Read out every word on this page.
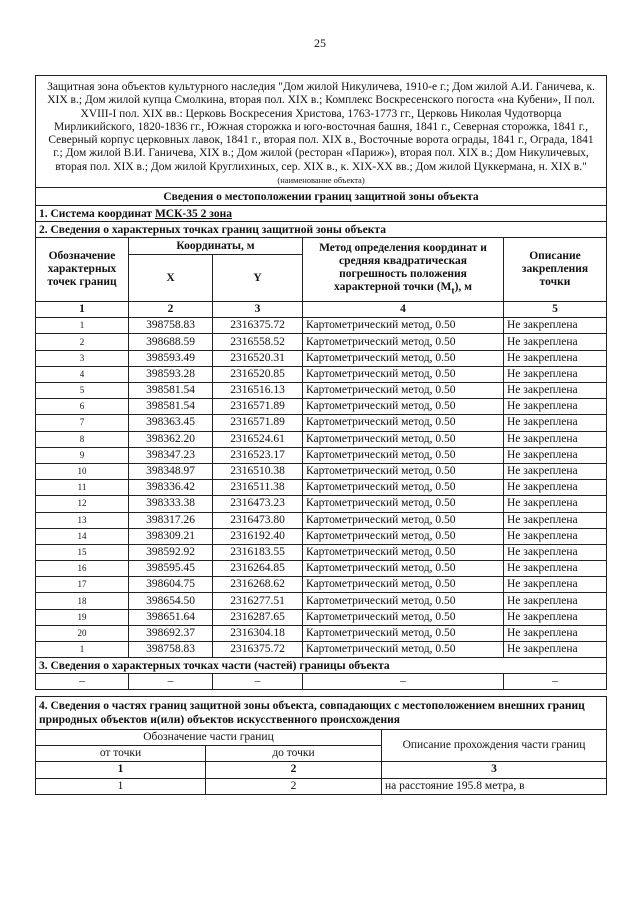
25
Защитная зона объектов культурного наследия "Дом жилой Никуличева, 1910-е г.; Дом жилой А.И. Ганичева, к. XIX в.; Дом жилой купца Смолкина, вторая пол. XIX в.; Комплекс Воскресенского погоста «на Кубени», II пол. XVIII-I пол. XIX вв.: Церковь Воскресения Христова, 1763-1773 гг., Церковь Николая Чудотворца Мирликийского, 1820-1836 гг., Южная сторожка и юго-восточная башня, 1841 г., Северная сторожка, 1841 г., Северный корпус церковных лавок, 1841 г., вторая пол. XIX в., Восточные ворота ограды, 1841 г., Ограда, 1841 г.; Дом жилой В.И. Ганичева, XIX в.; Дом жилой (ресторан «Париж»), вторая пол. XIX в.; Дом Никуличевых, вторая пол. XIX в.; Дом жилой Круглихиных, сер. XIX в., к. XIX-XX вв.; Дом жилой Цуккермана, н. XIX в."
(наименование объекта)				

Сведения о местоположении границ защитной зоны объекта				
1. Система координат МСК-35 2 зона				
2. Сведения о характерных точках границ защитной зоны объекта				
Обозначение характерных точек границ	Координаты, м		Метод определения координат и средняя квадратическая погрешность положения характерной точки $(M_t)$, м	Описание закрепления точки
	X	Y		
1	2	3	4	5
1	398758.83	2316375.72	Картометрический метод, 0.50	Не закреплена
2	398688.59	2316558.52	Картометрический метод, 0.50	Не закреплена
3	398593.49	2316520.31	Картометрический метод, 0.50	Не закреплена
4	398593.28	2316520.85	Картометрический метод, 0.50	Не закреплена
5	398581.54	2316516.13	Картометрический метод, 0.50	Не закреплена
6	398581.54	2316571.89	Картометрический метод, 0.50	Не закреплена
7	398363.45	2316571.89	Картометрический метод, 0.50	Не закреплена
8	398362.20	2316524.61	Картометрический метод, 0.50	Не закреплена
9	398347.23	2316523.17	Картометрический метод, 0.50	Не закреплена
10	398348.97	2316510.38	Картометрический метод, 0.50	Не закреплена
11	398336.42	2316511.38	Картометрический метод, 0.50	Не закреплена
12	398333.38	2316473.23	Картометрический метод, 0.50	Не закреплена
13	398317.26	2316473.80	Картометрический метод, 0.50	Не закреплена
14	398309.21	2316192.40	Картометрический метод, 0.50	Не закреплена
15	398592.92	2316183.55	Картометрический метод, 0.50	Не закреплена
16	398595.45	2316264.85	Картометрический метод, 0.50	Не закреплена
17	398604.75	2316268.62	Картометрический метод, 0.50	Не закреплена
18	398654.50	2316277.51	Картометрический метод, 0.50	Не закреплена
19	398651.64	2316287.65	Картометрический метод, 0.50	Не закреплена
20	398692.37	2316304.18	Картометрический метод, 0.50	Не закреплена
1	398758.83	2316375.72	Картометрический метод, 0.50	Не закреплена
3. Сведения о характерных точках части (частей) границы объекта				
–	–	–	–	–
4. Сведения о частях границ защитной зоны объекта, совпадающих с местоположением внешних границ природных объектов и(или) объектов искусственного происхождения		
Обозначение части границ		Описание прохождения части границ
от точки	до точки	
1	2	3
1	2	на расстояние 195.8 метра, в
